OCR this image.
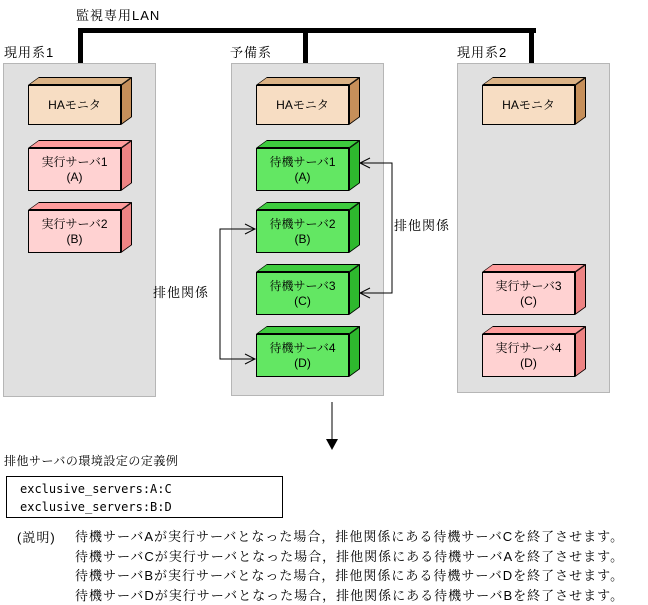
監視専用LAN
現用系1	予備系	現用系2
HAモニタ
実行サーバ1
(A)
実行サーバ2
(B)
HAモニタ
待機サーバ1
(A)
待機サーバ2
(B)
待機サーバ3
(C)
待機サーバ4
(D)
HAモニタ
実行サーバ3
(C)
実行サーバ4
(D)
排他関係
排他関係
排他サーバの環境設定の定義例
exclusive_servers:A:C
exclusive_servers:B:D
(説明) 待機サーバAが実行サーバとなった場合，排他関係にある待機サーバCを終了させます。
待機サーバCが実行サーバとなった場合，排他関係にある待機サーバAを終了させます。
待機サーバBが実行サーバとなった場合，排他関係にある待機サーバDを終了させます。
待機サーバDが実行サーバとなった場合，排他関係にある待機サーバBを終了させます。
